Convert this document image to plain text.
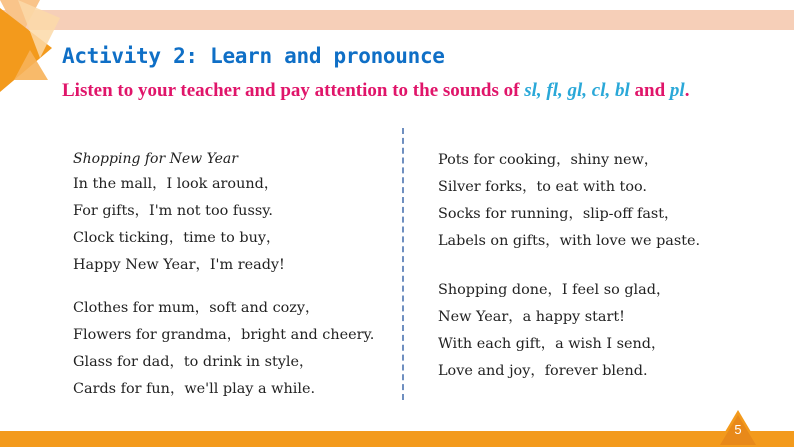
Activity 2: Learn and pronounce
Listen to your teacher and pay attention to the sounds of sl, fl, gl, cl, bl and pl.
Shopping for New Year
In the mall，I look around，
For gifts，I'm not too fussy.
Clock ticking，time to buy，
Happy New Year，I'm ready!
Clothes for mum，soft and cozy，
Flowers for grandma，bright and cheery.
Glass for dad，to drink in style，
Cards for fun，we'll play a while.
Pots for cooking，shiny new，
Silver forks，to eat with too.
Socks for running，slip-off fast，
Labels on gifts，with love we paste.
Shopping done，I feel so glad，
New Year，a happy start!
With each gift，a wish I send，
Love and joy，forever blend.
5
